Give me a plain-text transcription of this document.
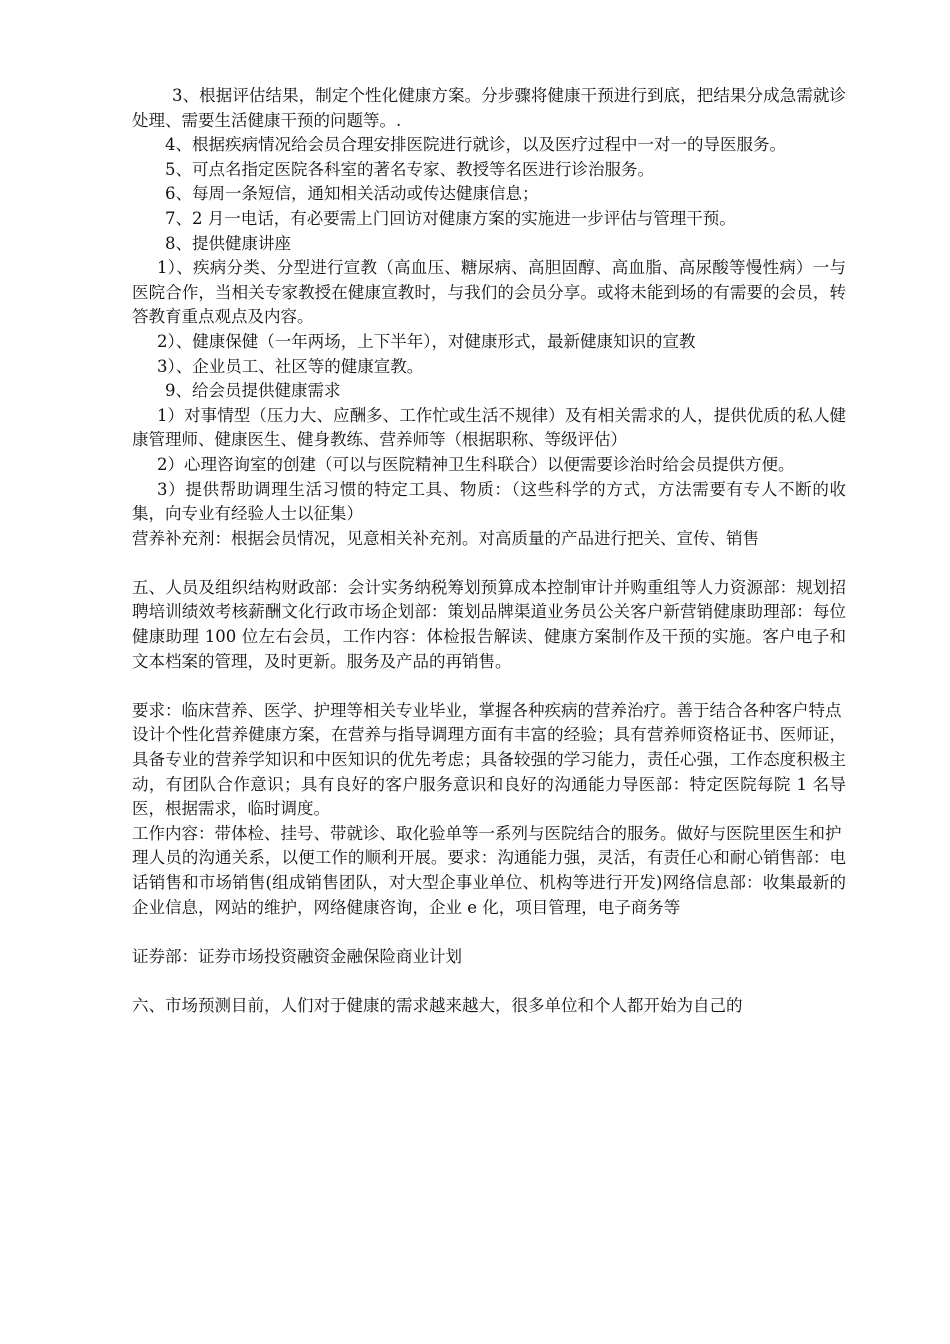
3、根据评估结果，制定个性化健康方案。分步骤将健康干预进行到底，把结果分成急需就诊处理、需要生活健康干预的问题等。.

4、根据疾病情况给会员合理安排医院进行就诊，以及医疗过程中一对一的导医服务。

5、可点名指定医院各科室的著名专家、教授等名医进行诊治服务。

6、每周一条短信，通知相关活动或传达健康信息；

7、2 月一电话，有必要需上门回访对健康方案的实施进一步评估与管理干预。

8、提供健康讲座

1）、疾病分类、分型进行宣教（高血压、糖尿病、高胆固醇、高血脂、高尿酸等慢性病）一与医院合作，当相关专家教授在健康宣教时，与我们的会员分享。或将未能到场的有需要的会员，转答教育重点观点及内容。

2）、健康保健（一年两场，上下半年），对健康形式，最新健康知识的宣教

3）、企业员工、社区等的健康宣教。

9、给会员提供健康需求

1）对事情型（压力大、应酬多、工作忙或生活不规律）及有相关需求的人，提供优质的私人健康管理师、健康医生、健身教练、营养师等（根据职称、等级评估）

2）心理咨询室的创建（可以与医院精神卫生科联合）以便需要诊治时给会员提供方便。

3）提供帮助调理生活习惯的特定工具、物质：（这些科学的方式，方法需要有专人不断的收集，向专业有经验人士以征集）

营养补充剂：根据会员情况，见意相关补充剂。对高质量的产品进行把关、宣传、销售

五、人员及组织结构财政部：会计实务纳税筹划预算成本控制审计并购重组等人力资源部：规划招聘培训绩效考核薪酬文化行政市场企划部：策划品牌渠道业务员公关客户新营销健康助理部：每位健康助理 100 位左右会员，工作内容：体检报告解读、健康方案制作及干预的实施。客户电子和文本档案的管理，及时更新。服务及产品的再销售。

要求：临床营养、医学、护理等相关专业毕业，掌握各种疾病的营养治疗。善于结合各种客户特点

设计个性化营养健康方案，在营养与指导调理方面有丰富的经验；具有营养师资格证书、医师证，具备专业的营养学知识和中医知识的优先考虑；具备较强的学习能力，责任心强，工作态度积极主动，有团队合作意识；具有良好的客户服务意识和良好的沟通能力导医部：特定医院每院 1 名导医，根据需求，临时调度。

工作内容：带体检、挂号、带就诊、取化验单等一系列与医院结合的服务。做好与医院里医生和护

理人员的沟通关系，以便工作的顺利开展。要求：沟通能力强，灵活，有责任心和耐心销售部：电话销售和市场销售(组成销售团队，对大型企事业单位、机构等进行开发)网络信息部：收集最新的企业信息，网站的维护，网络健康咨询，企业 e 化，项目管理，电子商务等

证券部：证券市场投资融资金融保险商业计划

六、市场预测目前，人们对于健康的需求越来越大，很多单位和个人都开始为自己的
